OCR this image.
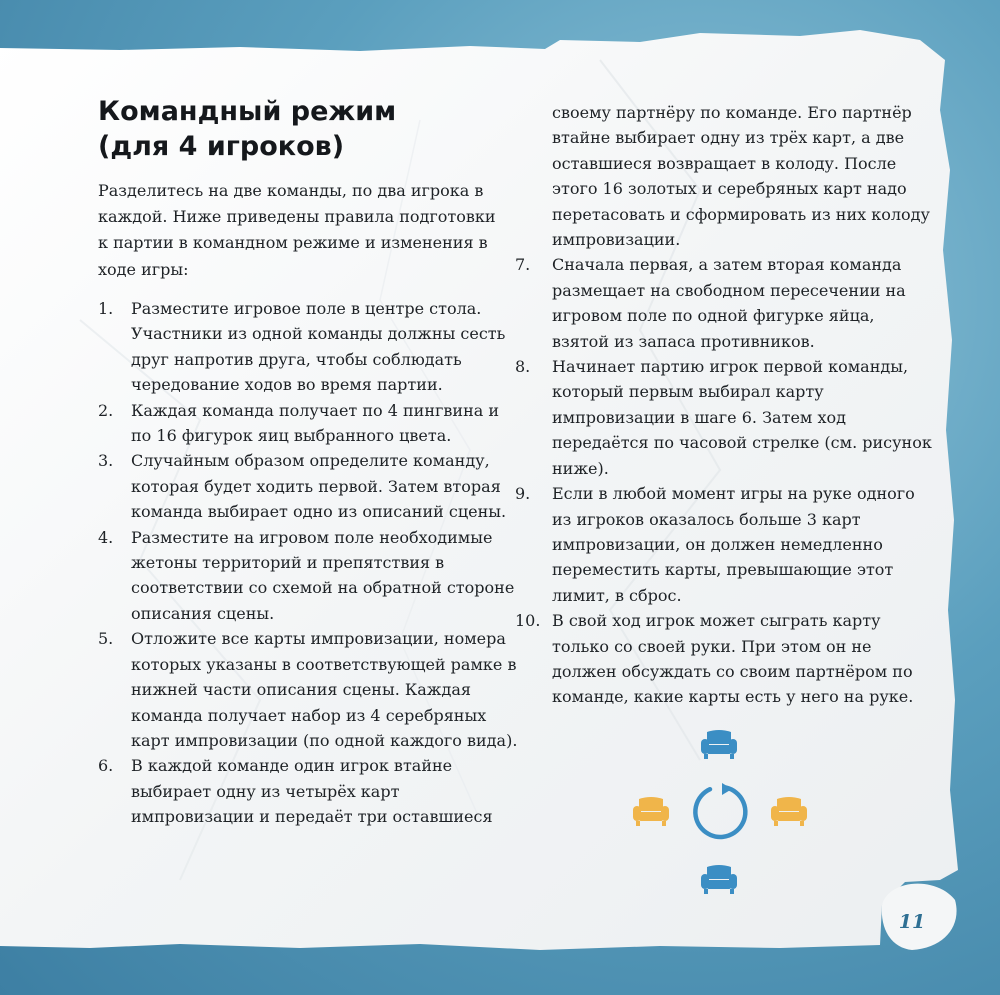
Командный режим
(для 4 игроков)

Разделитесь на две команды, по два игрока в каждой. Ниже приведены правила подготовки к партии в командном режиме и изменения в ходе игры:

1. Разместите игровое поле в центре стола. Участники из одной команды должны сесть друг напротив друга, чтобы соблюдать чередование ходов во время партии.
2. Каждая команда получает по 4 пингвина и по 16 фигурок яиц выбранного цвета.
3. Случайным образом определите команду, которая будет ходить первой. Затем вторая команда выбирает одно из описаний сцены.
4. Разместите на игровом поле необходимые жетоны территорий и препятствия в соответствии со схемой на обратной стороне описания сцены.
5. Отложите все карты импровизации, номера которых указаны в соответствующей рамке в нижней части описания сцены. Каждая команда получает набор из 4 серебряных карт импровизации (по одной каждого вида).
6. В каждой команде один игрок втайне выбирает одну из четырёх карт импровизации и передаёт три оставшиеся
своему партнёру по команде. Его партнёр втайне выбирает одну из трёх карт, а две оставшиеся возвращает в колоду. После этого 16 золотых и серебряных карт надо перетасовать и сформировать из них колоду импровизации.
7. Сначала первая, а затем вторая команда размещает на свободном пересечении на игровом поле по одной фигурке яйца, взятой из запаса противников.
8. Начинает партию игрок первой команды, который первым выбирал карту импровизации в шаге 6. Затем ход передаётся по часовой стрелке (см. рисунок ниже).
9. Если в любой момент игры на руке одного из игроков оказалось больше 3 карт импровизации, он должен немедленно переместить карты, превышающие этот лимит, в сброс.
10. В свой ход игрок может сыграть карту только со своей руки. При этом он не должен обсуждать со своим партнёром по команде, какие карты есть у него на руке.
11
